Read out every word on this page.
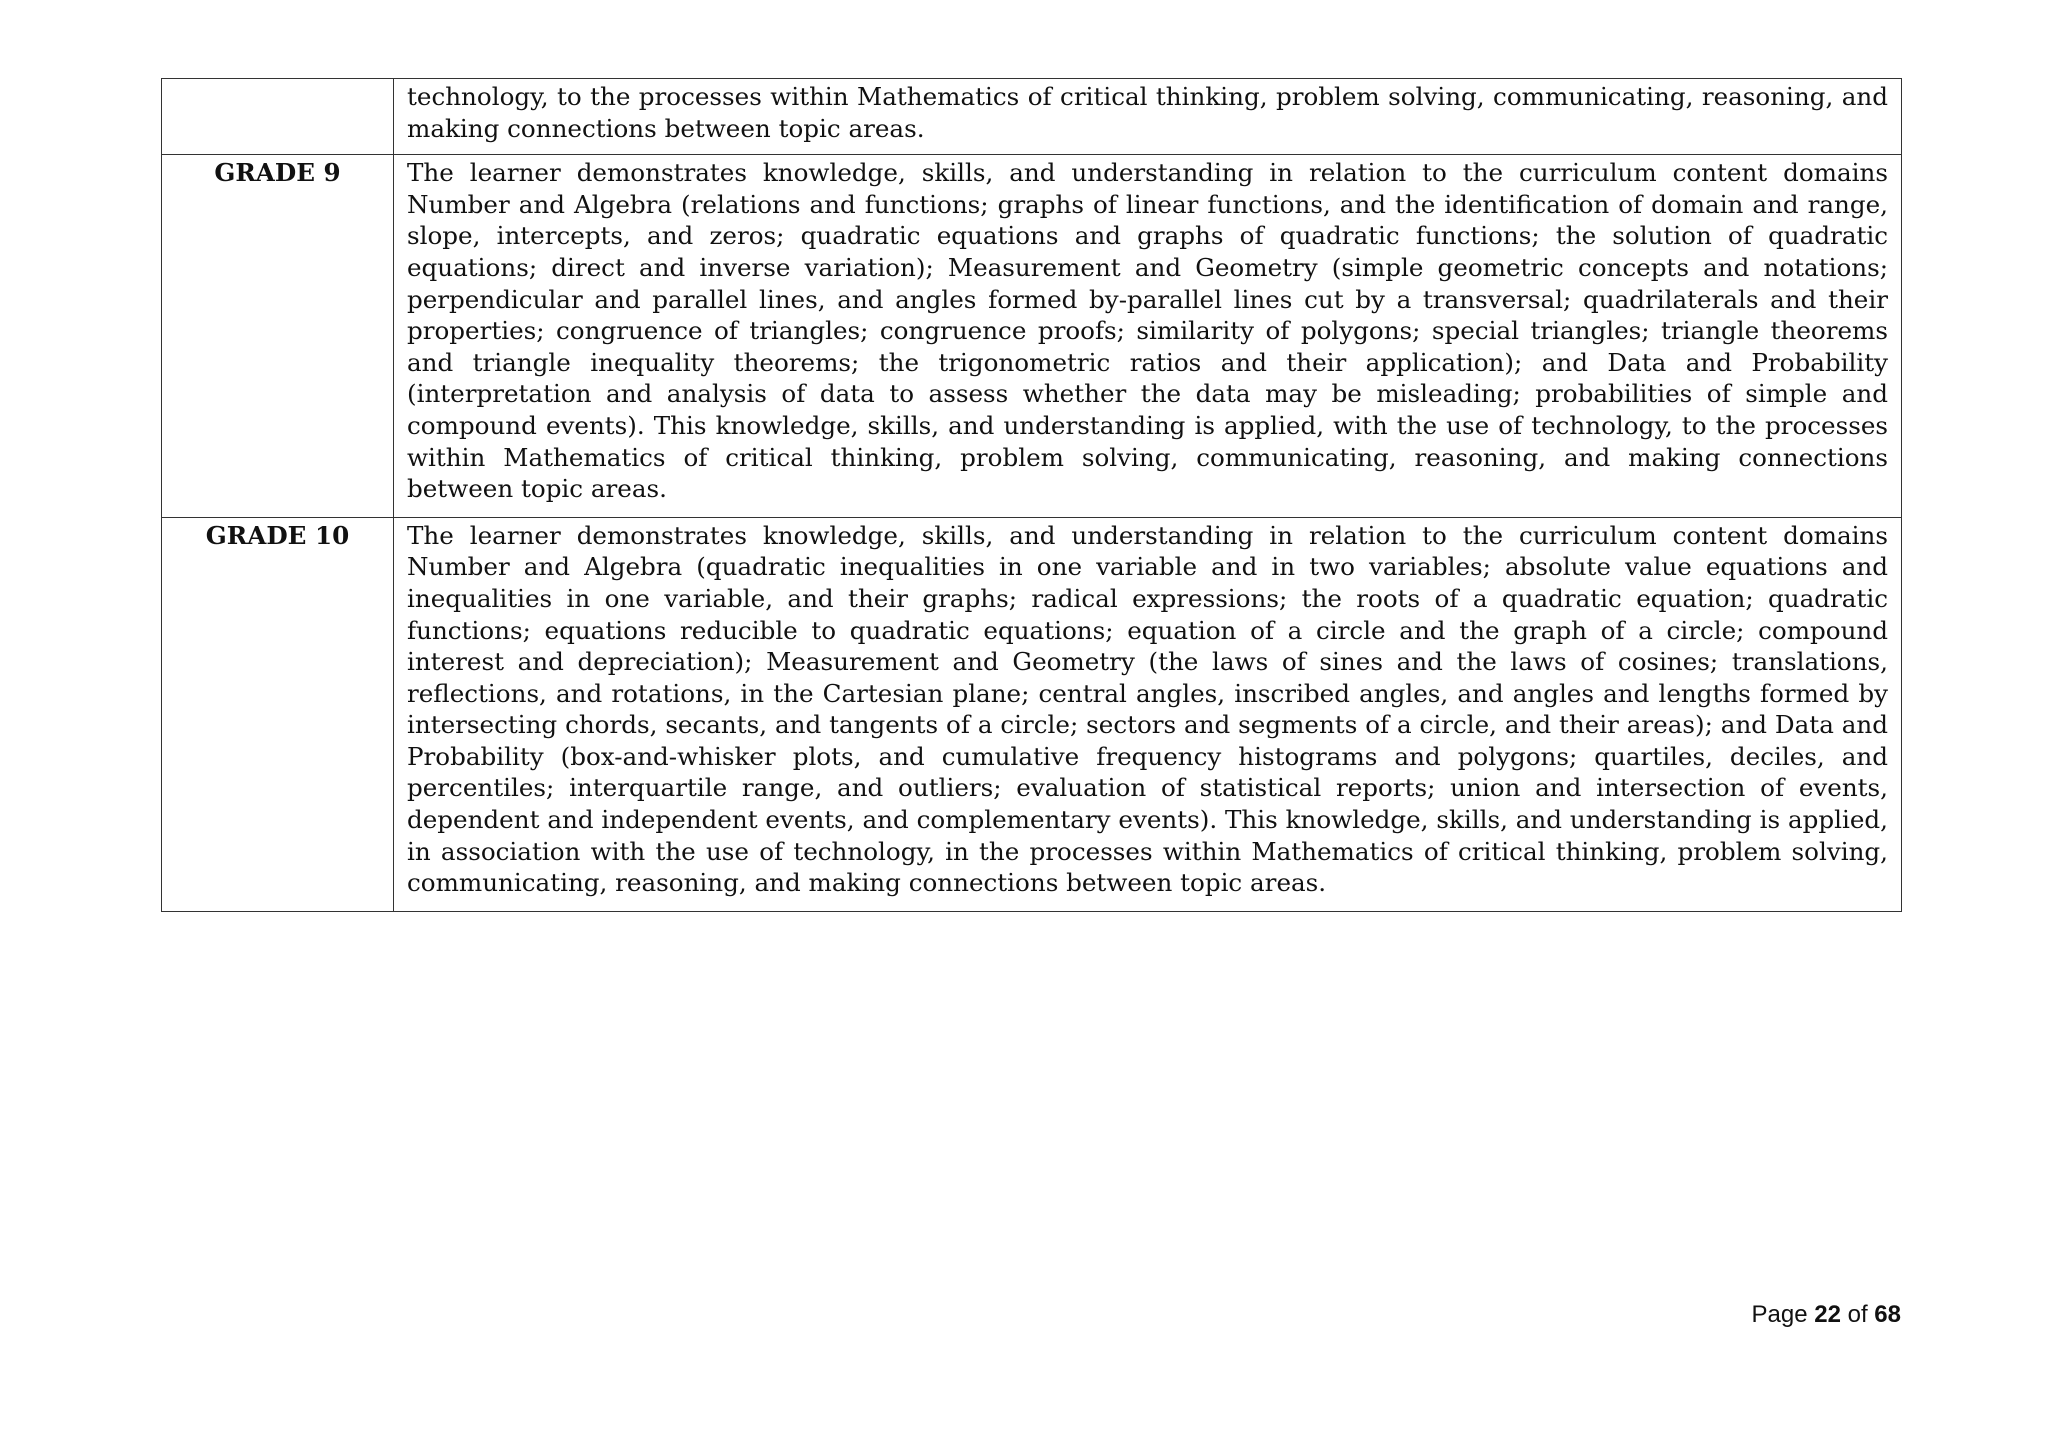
	technology, to the processes within Mathematics of critical thinking, problem solving, communicating, reasoning, and making connections between topic areas.
GRADE 9	The learner demonstrates knowledge, skills, and understanding in relation to the curriculum content domains Number and Algebra (relations and functions; graphs of linear functions, and the identification of domain and range, slope, intercepts, and zeros; quadratic equations and graphs of quadratic functions; the solution of quadratic equations; direct and inverse variation); Measurement and Geometry (simple geometric concepts and notations; perpendicular and parallel lines, and angles formed by-parallel lines cut by a transversal; quadrilaterals and their properties; congruence of triangles; congruence proofs; similarity of polygons; special triangles; triangle theorems and triangle inequality theorems; the trigonometric ratios and their application); and Data and Probability (interpretation and analysis of data to assess whether the data may be misleading; probabilities of simple and compound events). This knowledge, skills, and understanding is applied, with the use of technology, to the processes within Mathematics of critical thinking, problem solving, communicating, reasoning, and making connections between topic areas.
GRADE 10	The learner demonstrates knowledge, skills, and understanding in relation to the curriculum content domains Number and Algebra (quadratic inequalities in one variable and in two variables; absolute value equations and inequalities in one variable, and their graphs; radical expressions; the roots of a quadratic equation; quadratic functions; equations reducible to quadratic equations; equation of a circle and the graph of a circle; compound interest and depreciation); Measurement and Geometry (the laws of sines and the laws of cosines; translations, reflections, and rotations, in the Cartesian plane; central angles, inscribed angles, and angles and lengths formed by intersecting chords, secants, and tangents of a circle; sectors and segments of a circle, and their areas); and Data and Probability (box-and-whisker plots, and cumulative frequency histograms and polygons; quartiles, deciles, and percentiles; interquartile range, and outliers; evaluation of statistical reports; union and intersection of events, dependent and independent events, and complementary events). This knowledge, skills, and understanding is applied, in association with the use of technology, in the processes within Mathematics of critical thinking, problem solving, communicating, reasoning, and making connections between topic areas.
Page 22 of 68
